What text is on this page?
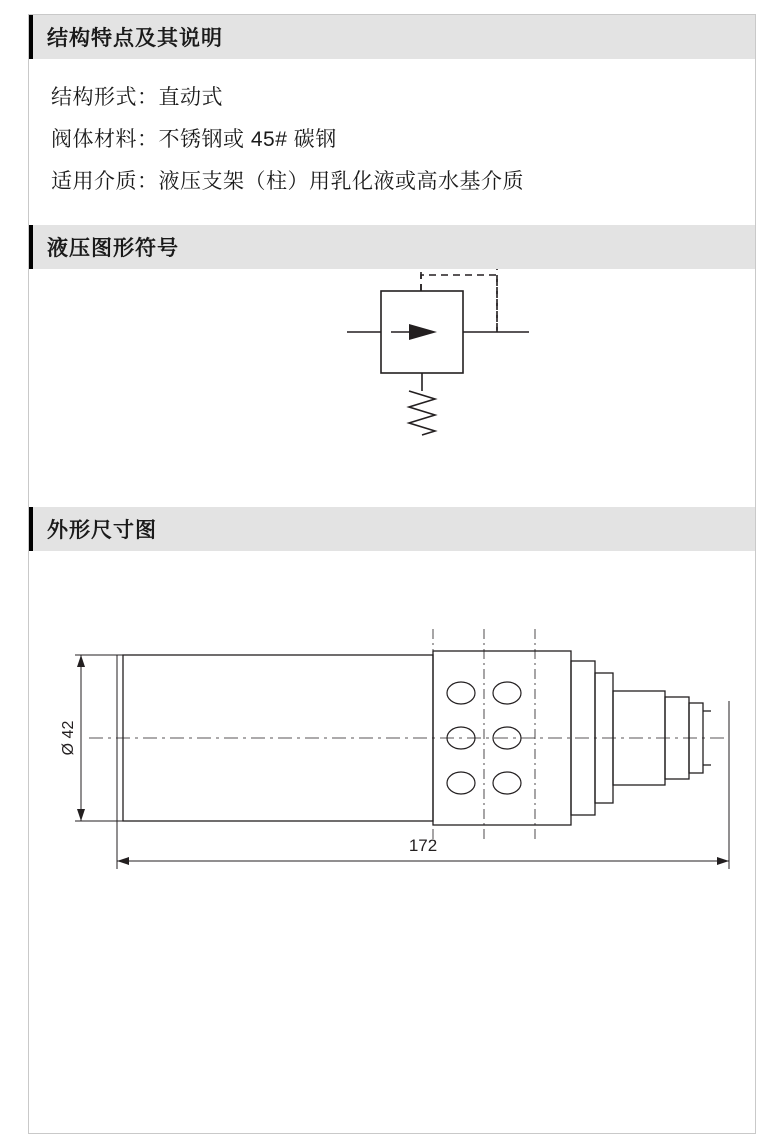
结构特点及其说明
结构形式：直动式
阀体材料：不锈钢或 45# 碳钢
适用介质：液压支架（柱）用乳化液或高水基介质
液压图形符号
外形尺寸图
Ø 42
172
